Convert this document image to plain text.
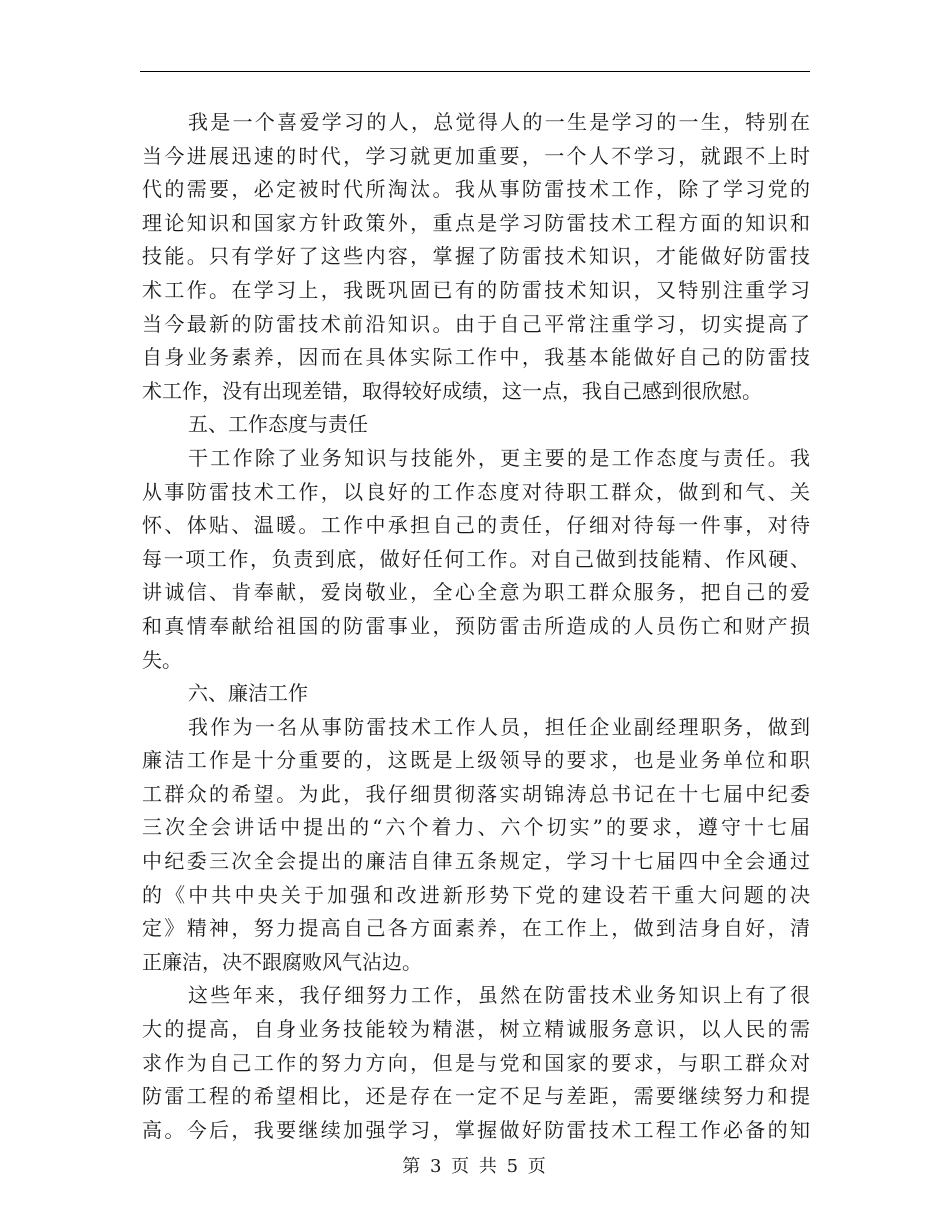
我是一个喜爱学习的人，总觉得人的一生是学习的一生，特别在
当今进展迅速的时代，学习就更加重要，一个人不学习，就跟不上时
代的需要，必定被时代所淘汰。我从事防雷技术工作，除了学习党的
理论知识和国家方针政策外，重点是学习防雷技术工程方面的知识和
技能。只有学好了这些内容，掌握了防雷技术知识，才能做好防雷技
术工作。在学习上，我既巩固已有的防雷技术知识，又特别注重学习
当今最新的防雷技术前沿知识。由于自己平常注重学习，切实提高了
自身业务素养，因而在具体实际工作中，我基本能做好自己的防雷技
术工作，没有出现差错，取得较好成绩，这一点，我自己感到很欣慰。
五、工作态度与责任
干工作除了业务知识与技能外，更主要的是工作态度与责任。我
从事防雷技术工作，以良好的工作态度对待职工群众，做到和气、关
怀、体贴、温暖。工作中承担自己的责任，仔细对待每一件事，对待
每一项工作，负责到底，做好任何工作。对自己做到技能精、作风硬、
讲诚信、肯奉献，爱岗敬业，全心全意为职工群众服务，把自己的爱
和真情奉献给祖国的防雷事业，预防雷击所造成的人员伤亡和财产损
失。
六、廉洁工作
我作为一名从事防雷技术工作人员，担任企业副经理职务，做到
廉洁工作是十分重要的，这既是上级领导的要求，也是业务单位和职
工群众的希望。为此，我仔细贯彻落实胡锦涛总书记在十七届中纪委
三次全会讲话中提出的“六个着力、六个切实”的要求，遵守十七届
中纪委三次全会提出的廉洁自律五条规定，学习十七届四中全会通过
的《中共中央关于加强和改进新形势下党的建设若干重大问题的决
定》精神，努力提高自己各方面素养，在工作上，做到洁身自好，清
正廉洁，决不跟腐败风气沾边。
这些年来，我仔细努力工作，虽然在防雷技术业务知识上有了很
大的提高，自身业务技能较为精湛，树立精诚服务意识，以人民的需
求作为自己工作的努力方向，但是与党和国家的要求，与职工群众对
防雷工程的希望相比，还是存在一定不足与差距，需要继续努力和提
高。今后，我要继续加强学习，掌握做好防雷技术工程工作必备的知
第 3 页 共 5 页
